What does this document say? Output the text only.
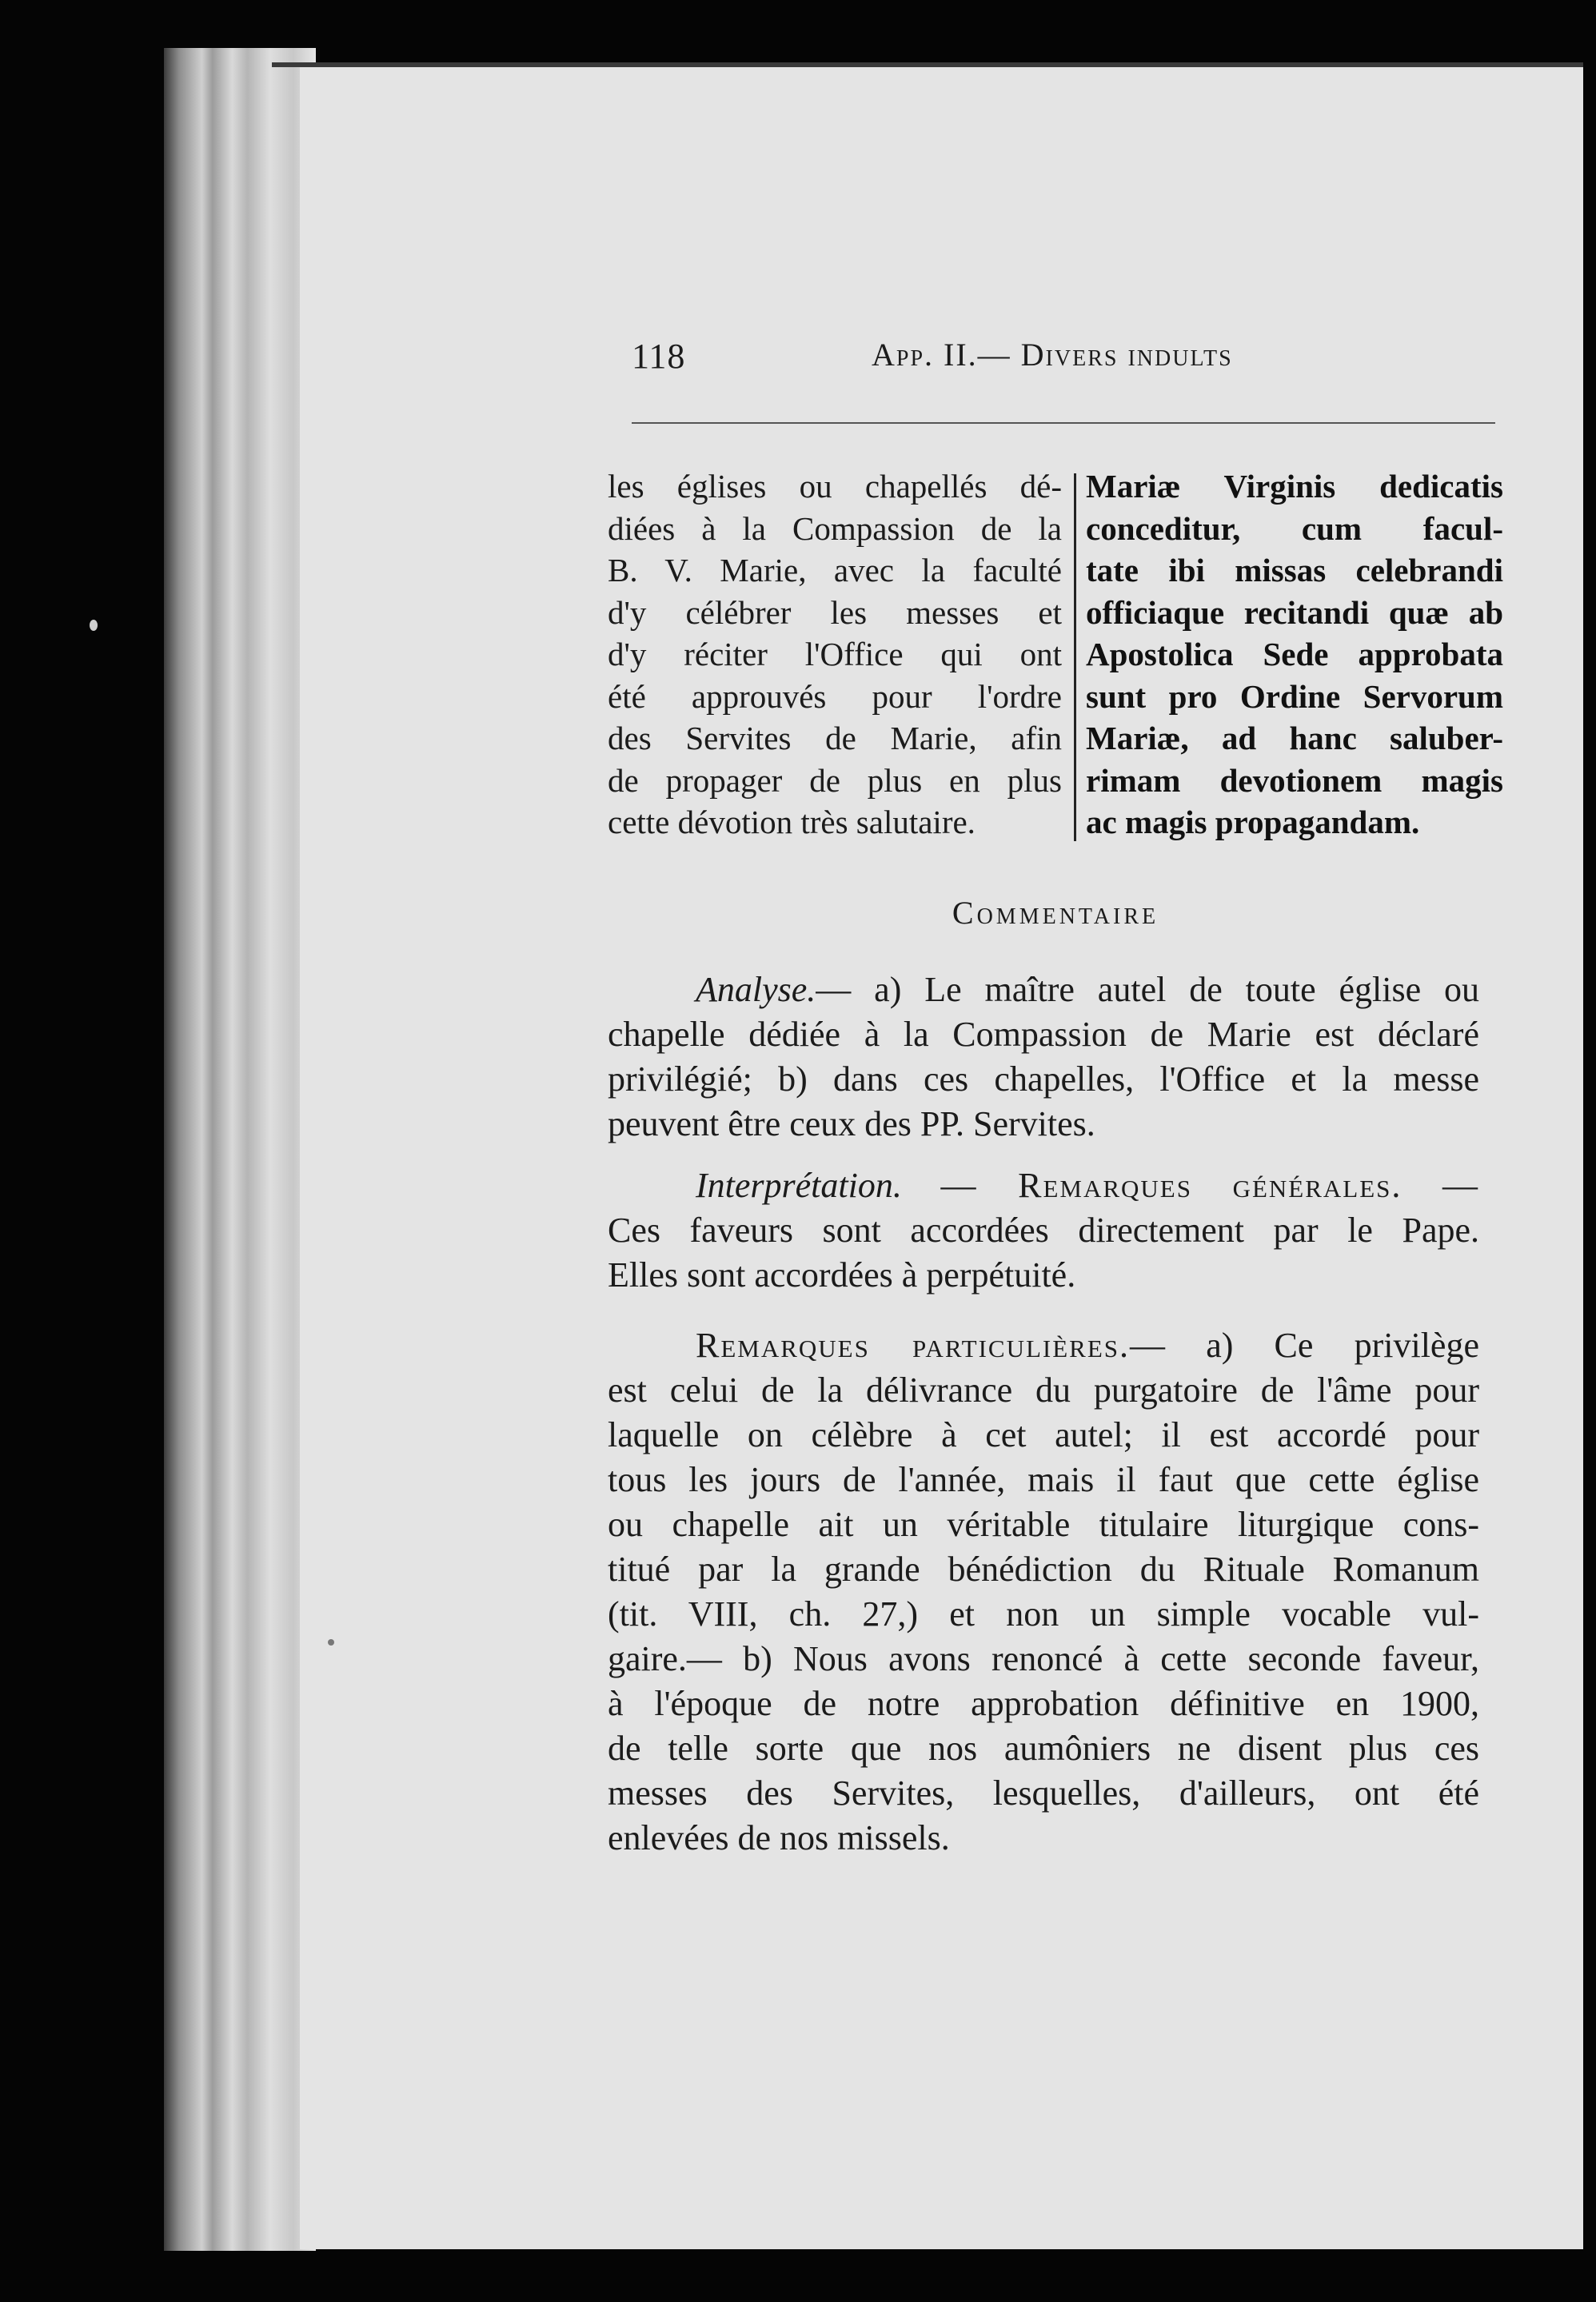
118	App. II.— Divers indults
les églises ou chapellés dé-
diées à la Compassion de la
B. V. Marie, avec la faculté
d'y célébrer les messes et
d'y réciter l'Office qui ont
été approuvés pour l'ordre
des Servites de Marie, afin
de propager de plus en plus
cette dévotion très salutaire.
Mariæ Virginis dedicatis
conceditur, cum facul-
tate ibi missas celebrandi
officiaque recitandi quæ ab
Apostolica Sede approbata
sunt pro Ordine Servorum
Mariæ, ad hanc saluber-
rimam devotionem magis
ac magis propagandam.
Commentaire
Analyse.— a) Le maître autel de toute église ou
chapelle dédiée à la Compassion de Marie est déclaré
privilégié; b) dans ces chapelles, l'Office et la messe
peuvent être ceux des PP. Servites.
Interprétation. — Remarques générales. —
Ces faveurs sont accordées directement par le Pape.
Elles sont accordées à perpétuité.
Remarques particulières.— a) Ce privilège
est celui de la délivrance du purgatoire de l'âme pour
laquelle on célèbre à cet autel; il est accordé pour
tous les jours de l'année, mais il faut que cette église
ou chapelle ait un véritable titulaire liturgique cons-
titué par la grande bénédiction du Rituale Romanum
(tit. VIII, ch. 27,) et non un simple vocable vul-
gaire.— b) Nous avons renoncé à cette seconde faveur,
à l'époque de notre approbation définitive en 1900,
de telle sorte que nos aumôniers ne disent plus ces
messes des Servites, lesquelles, d'ailleurs, ont été
enlevées de nos missels.
